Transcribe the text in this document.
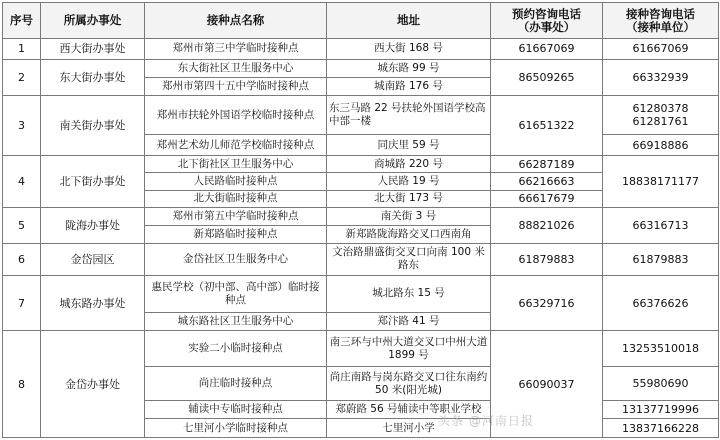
序号	所属办事处	接种点名称	地址	预约咨询电话
（办事处）	接种咨询电话
（接种单位）
1	西大街办事处	郑州市第三中学临时接种点	西大街 168 号	61667069	61667069
2	东大街办事处	东大街社区卫生服务中心	城东路 99 号	86509265	66332939
		郑州市第四十五中学临时接种点	城南路 176 号		
3	南关街办事处	郑州市扶轮外国语学校临时接种点	东三马路 22 号扶轮外国语学校高中部一楼	61651322	61280378
61281761
		郑州艺术幼儿师范学校临时接种点	同庆里 59 号		66918886
4	北下街办事处	北下街社区卫生服务中心	商城路 220 号	66287189	18838171177
		人民路临时接种点	人民路 19 号	66216663	
		北大街临时接种点	北大街 173 号	66617679	
5	陇海办事处	郑州市第五中学临时接种点	南关街 3 号	88821026	66316713
		新郑路临时接种点	新郑路陇海路交叉口西南角		
6	金岱园区	金岱社区卫生服务中心	文治路鼎盛街交叉口向南 100 米路东	61879883	61879883
7	城东路办事处	惠民学校（初中部、高中部）临时接种点	城北路东 15 号	66329716	66376626
		城东路社区卫生服务中心	郑汴路 41 号		
8	金岱办事处	实验二小临时接种点	南三环与中州大道交叉口中州大道 1899 号	66090037	13253510018
		尚庄临时接种点	尚庄南路与岗东路交叉口往东南约 50 米(阳光城)		55980690
		辅读中专临时接种点	郑蔚路 56 号辅读中等职业学校		13137719996
		七里河小学临时接种点	七里河小学		13837166228
头条 @河南日报
